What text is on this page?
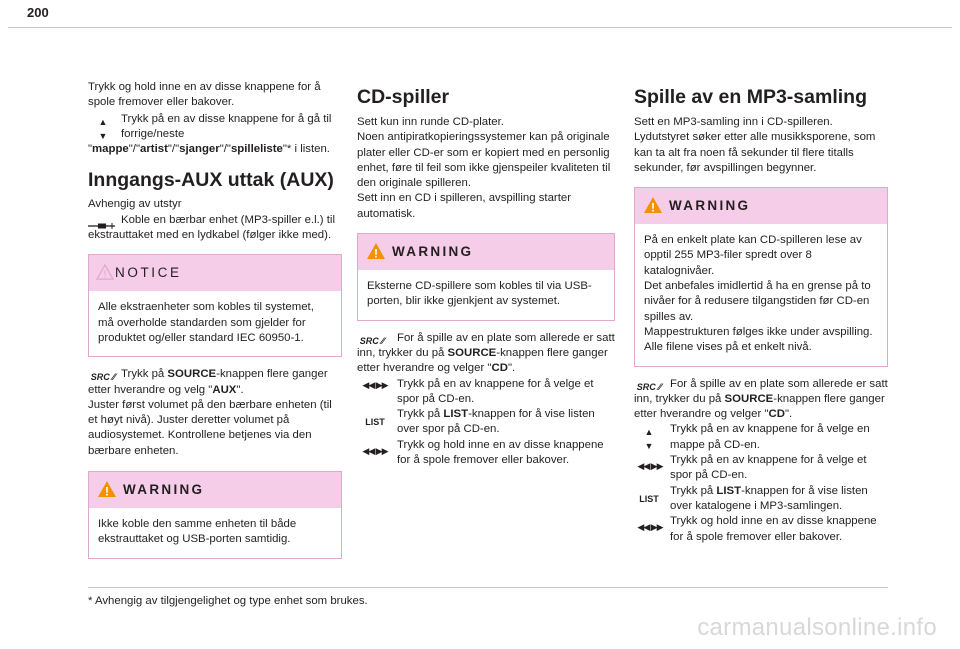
200

Trykk og hold inne en av disse knappene for å
spole fremover eller bakover.

▲
▼

Trykk på en av disse knappene for å gå til
forrige/neste

"mappe"/"artist"/"sjanger"/"spilleliste"* i listen.

Inngangs-AUX uttak (AUX)

Avhengig av utstyr

Koble en bærbar enhet (MP3-spiller e.l.) til ekstrauttaket med en lydkabel (følger ikke med).

! NOTICE

Alle ekstraenheter som kobles til systemet, må overholde standarden som gjelder for produktet og/eller standard IEC 60950-1.

SRC ⁄⁄ Trykk på SOURCE-knappen flere ganger etter hverandre og velg "AUX".
Juster først volumet på den bærbare enheten (til et høyt nivå). Juster deretter volumet på audiosystemet. Kontrollene betjenes via den bærbare enheten.

! WARNING

Ikke koble den samme enheten til både ekstrauttaket og USB-porten samtidig.

CD-spiller

Sett kun inn runde CD-plater.

Noen antipiratkopieringssystemer kan på originale plater eller CD-er som er kopiert med en personlig enhet, føre til feil som ikke gjenspeiler kvaliteten til den originale spilleren.

Sett inn en CD i spilleren, avspilling starter automatisk.

! WARNING

Eksterne CD-spillere som kobles til via USB-porten, blir ikke gjenkjent av systemet.

SRC ⁄⁄	For å spille av en plate som allerede er satt inn, trykker du på SOURCE-knappen flere ganger etter hverandre og velger "CD".

◀◀ ▶▶ Trykk på en av knappene for å velge et spor på CD-en.

LIST

Trykk på LIST-knappen for å vise listen over spor på CD-en.

◀◀ ▶▶ Trykk og hold inne en av disse knappene for å spole fremover eller bakover.

Spille av en MP3-samling

Sett en MP3-samling inn i CD-spilleren.

Lydutstyret søker etter alle musikksporene, som kan ta alt fra noen få sekunder til flere titalls sekunder, før avspillingen begynner.

! WARNING

På en enkelt plate kan CD-spilleren lese av opptil 255 MP3-filer spredt over 8 katalognivåer.

Det anbefales imidlertid å ha en grense på to nivåer for å redusere tilgangstiden før CD-en spilles av.

Mappestrukturen følges ikke under avspilling.

Alle filene vises på et enkelt nivå.

SRC ⁄⁄ For å spille av en plate som allerede er satt inn, trykker du på SOURCE-knappen flere ganger etter hverandre og velger "CD".

▲
▼

Trykk på en av knappene for å velge en mappe på CD-en.

◀◀ ▶▶ Trykk på en av knappene for å velge et spor på CD-en.

LIST

Trykk på LIST-knappen for å vise listen over katalogene i MP3-samlingen.

◀◀ ▶▶ Trykk og hold inne en av disse knappene for å spole fremover eller bakover.

* Avhengig av tilgjengelighet og type enhet som brukes.
carmanualsonline.info
